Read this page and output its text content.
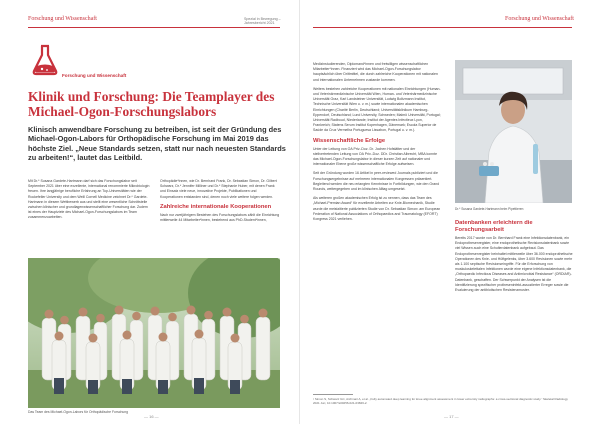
Forschung und Wissenschaft	Spezial in Bewegung – Jahresbericht 2021
Forschung und Wissenschaft
Klinik und Forschung: Die Teamplayer des Michael-Ogon-Forschungslabors

Klinisch anwendbare Forschung zu betreiben, ist seit der Gründung des Michael-Ogon-Labors für Orthopädische Forschung im Mai 2019 das höchste Ziel. „Neue Standards setzen, statt nur nach neuesten Standards zu arbeiten!“, lautet das Leitbild.

Mit Dr.* Susana Gardete-Hartmann darf sich das Forschungslabor seit September 2021 über eine exzellente, international renommierte Mikrobiologin freuen. Ihre langjährige berufliche Erfahrung an Top-Universitäten wie der Rockefeller University und dem Weill Cornell Medicine zeichnet Dr.* Gardete-Hartmann in diesem Wettbewerb aus und stellt eine wesentliche Schnittstelle zwischen klinischer und grundlagenwissenschaftlicher Forschung dar. Zudem ist eines der Hauptziele des Michael-Ogon-Forschungslabors im Team zusammenzuarbeiten.

Orthopädie*innen, wie Dr. Bernhard Frank, Dr. Sebastian Simon, Dr. Gilbert Schwarz, Dr.* Jennifer Milliner und Dr.* Stephanie Huber, mit denen Frank und Einsatz viele neue, innovative Projekte, Publikationen und Kooperationen entstanden sind, denen noch viele weitere folgen werden.

Zahlreiche internationale Kooperationen

Nach nur zweijährigem Bestehen des Forschungslabors zählt die Einrichtung mittlerweile 44 Mitarbeiter*innen, bestehend aus PhD-Student*innen,

Das Team des Michael-Ogon-Labors für Orthopädische Forschung
— 16 —
Forschung und Wissenschaft

Medizinstudierenden, Diplomand*innen und freiwilligen wissenschaftlichen Mitarbeiter*innen. Finanziert wird das Michael-Ogon-Forschungslabor hauptsächlich über Drittmittel, die durch zahlreiche Kooperationen mit nationalen und internationalen Unternehmen zustande kommen.

Weiters bestehen zahlreiche Kooperationen mit nationalen Einrichtungen (Human- und Veterinärmedizinische Universität Wien, Human- und Veterinärmedizinische Universität Graz, Karl Landsteiner Universität, Ludwig Boltzmann Institut, Technische Universität Wien u. v. m.) sowie internationalen akademischen Einrichtungen (Charité Berlin, Deutschland; Universitätsklinikum Hamburg-Eppendorf, Deutschland; Lund University, Schweden; Malmö Universität, Portugal; Universität Radboud, Niederlande; Institut der Agentes Infectieux Lyon, Frankreich; Statens Serum Institut Kopenhagen, Dänemark; Escola Superior de Saúde da Cruz Vermelha Portuguesa Lissabon, Portugal u. v. m.).

Wissenschaftliche Erfolge

Unter der Leitung von OA Priv.-Doz. Dr. Jochen Hofstätter und der stellvertretenden Leitung von OA Priv.-Doz. DDr. Christian Albrecht, MBA konnte das Michael-Ogon-Forschungslabor in dieser kurzen Zeit auf nationaler und internationaler Ebene große wissenschaftliche Erfolge aufweisen.

Seit der Gründung wurden 16 Artikel in peer-reviewed Journals publiziert und die Forschungsergebnisse auf mehreren internationalen Kongressen präsentiert. Begleitend werden die neu erlangten Kenntnisse in Fortbildungen, wie den Grand Rounds, weitergegeben und im klinischen Alltag umgesetzt.

Als weiteren großen akademischen Erfolg ist zu nennen, dass das Team des „Michael-Premian Award“ für exzellente Arbeiten zur Knie-Biomechanik, Studie wurde die meistzitierte publizierten Studie von Dr. Sebastian Simon¹ am European Federation of National Associations of Orthopaedics and Traumatology (EFORT) Kongress 2021 verliehen.

Dr.* Susana Gardete-Hartmann beim Pipettieren
Datenbanken erleichtern die Forschungsarbeit

Bereits 2017 wurde von Dr. Bernhard Frank eine Infektionsdatenbank, ein Endoprothesenregister, eine endoprothetische Revisionsdatenbank sowie viel Wissen auch eine Schulterdatenbank aufgebaut. Das Endoprothesenregister beinhaltet mittlerweile über 36.000 endoprothetische Operationen des Knie- und Hüftgelenks, über 3.600 Revisionen sowie mehr als 1.100 septische Revisionseingriffe. Für die Erforschung von muskuloskelettalen Infektionen wurde eine eigene Infektionsdatenbank, die „Orthopaedic Infectious Diseases and Antimicrobial Resistance“ (ORDIAR)-Datenbank, geschaffen. Der Schwerpunkt der Analysen ist die Identifizierung spezifischer protheseninfekt-assoziierter Erreger sowie die Evaluierung der antibiotischen Resistenzmuster.

¹ Simon S, Schwarz GC, Aichmair A, et al. „Fully automated deep learning for knee alignment assessment in lower extremity radiographs: a cross-sectional diagnostic study.“ Skeletal Radiology 2021 Jun; 10.1007/s00256-021-03846-2.
— 17 —
